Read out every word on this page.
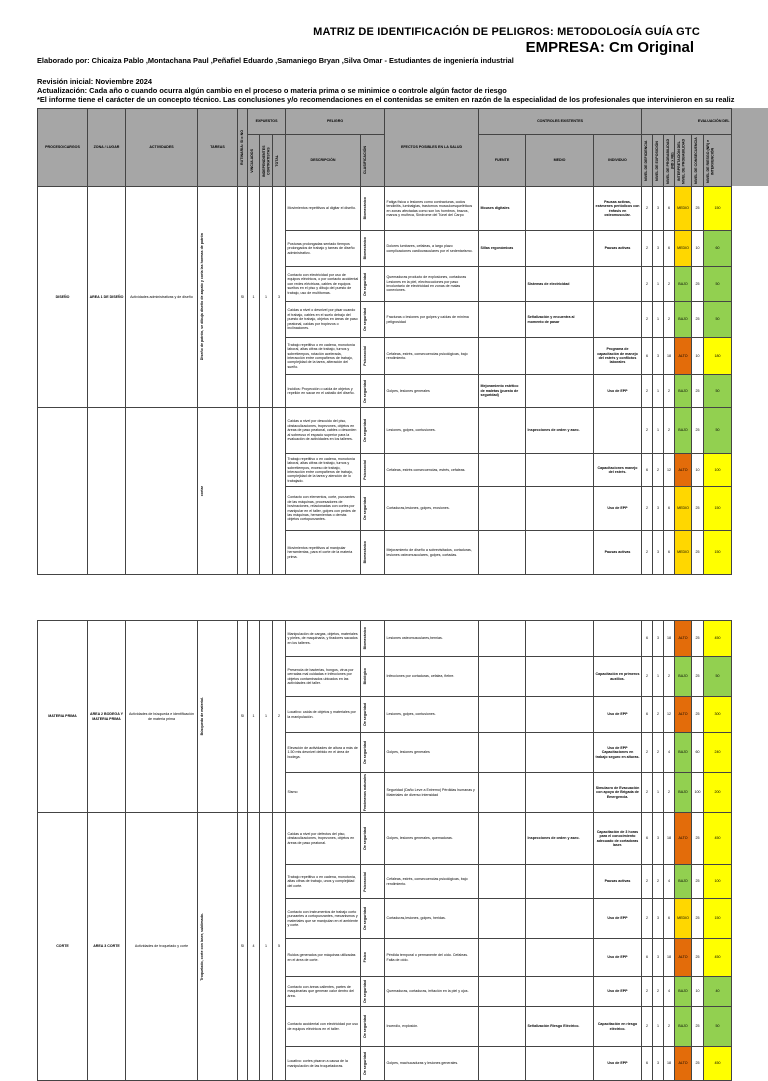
MATRIZ DE IDENTIFICACIÓN DE PELIGROS: METODOLOGÍA GUÍA GTC
EMPRESA: Cm Original
Elaborado por: Chicaiza Pablo ,Montachana Paul ,Peñafiel Eduardo ,Samaniego Bryan ,Silva Omar - Estudiantes de ingeniería industrial
Revisión inicial: Noviembre 2024
Actualización: Cada año o cuando ocurra algún cambio en el proceso o materia prima o se minimice o controle algún factor de riesgo
*El informe tiene el carácter de un concepto técnico. Las conclusiones y/o recomendaciones en el contenidas se emiten en razón de la especialidad de los profesionales que intervinieron en su realiz
PROCESO/CARGOS	ZONA / LUGAR	ACTIVIDADES	TAREAS	RUTINARIA: SI o NO	EXPUESTOS			PELIGRO		EFECTOS POSIBLES EN LA SALUD	CONTROLES EXISTENTES			EVALUACIÓN DEL					

					VINCULADOS	INDEPENDIENTES CONTRATISTAS	TOTAL	DESCRIPCIÓN	CLASIFICACIÓN		FUENTE	MEDIO	INDIVIDUO	NIVEL DE DEFICIENCIA	NIVEL DE EXPOSICIÓN	NIVEL DE PROBABILIDAD (ND x NE)	INTERPRETACIÓN DEL NIVEL DE PROBABILIDAD	NIVEL DE CONSECUENCIA	NIVEL DE RIESGO (NR) e INTERVENCIÓN
DISEÑO	AREA 1 DE DISEÑO	Actividades administrativas y de diseño	Diseño de patrón, se dibuja diseño de zapato y corta las hormas de patrón	SI	1	1	3	Movimientos repetitivos al digitar el diseño.	Biomecánico	Fatiga física o lesiones como contracturas, codos tendinitis, lumbalgias, trastornos musculoesqueléticos en zonas afectadas como son los hombros, brazos, manos y muñeca, Síndrome del Túnel del Carpo	Mouses digitales		Pausas activas, exámenes periódicos con énfasis en osteomuscular.	2	3	6	MEDIO	25	150
								Posturas prolongadas sentado tiempos prolongados de trabajo y tareas de diseño administrativo.	Biomecánico	Dolores lumbares, cefaleas, a largo plazo complicaciones cardiovasculares por el sedentarismo.	Sillas ergonómicas		Pausas activas	2	3	6	MEDIO	10	60
								Contacto con electricidad por uso de equipos eléctricos, o por contacto accidental con redes eléctricas, cables de equipos sueltos en el piso y dibujo del puesto de trabajo, uso de multitomas.	De seguridad	Quemaduras producto de explosiones, cortaduras Lesiones en la piel, electrocuciones por paso involuntario de electricidad en zonas de malas conexiones.		Sistemas de electricidad		2	1	2	BAJO	25	50
								Caídas a nivel o desnivel por pisar cuando el trabajo, cables en el suelo debajo del puesto de trabajo, objetos en áreas de paso peatonal, caídas por tropiezos o inclinaciones.	De seguridad	Fracturas o lesiones por golpes y caídas de mínima peligrosidad		Señalización y encuentra al momento de pasar		2	1	2	BAJO	25	50
								Trabajo repetitivo o en cadena, monotonía laboral, altas cifras de trabajo, turnos y sobretiempos, rotación acelerada, interacción entre compañeros de trabajo, complejidad de la tarea, alteración del sueño.	Psicosocial	Cefaleas, estrés, consecuencias psicológicas, bajo rendimiento.			Programa de capacitación de manejo del estrés y conflictos laborales	6	3	18	ALTO	10	180
								Incidios: Proyección o caída de objetos y repellón en sacar en el caballo del diseño.	De seguridad	Golpes, lesiones generales	Mejoramiento estético de maletas (puesto de seguridad)		Uso de EPP	2	1	2	BAJO	25	50

			cortar					Caídas a nivel por descuido del piso, obstaculizaciones, tropezones, objetos en áreas de paso peatonal, cables o desorden al sobreuso el espacio superior para la evaluación de actividades en los talleres.	De seguridad	Lesiones, golpes, contusiones.		Inspecciones de orden y aseo.		2	1	2	BAJO	25	50
								Trabajo repetitivo o en cadena, monotonía laboral, altas cifras de trabajo, turnos y sobretiempos, exceso de trabajo, interacción entre compañeros de trabajo, complejidad de la tarea y atención de lo trabajado.	Psicosocial	Cefaleas, estrés consecuencias, estrés, cefaleas.			Capacitaciones manejo del estrés.	6	2	12	ALTO	10	100
								Contacto con elementos, corte, punzantes de las máquinas, procesadores de bovinaciones, relacionadas con cortes por manipular en el taller, golpes con pedes de las máquinas, herramientas o demás objetos cortopunzantes.	De seguridad	Cortaduras,lesiones, golpes, erosiones.			Uso de EPP	2	3	6	MEDIO	25	150
								Movimientos repetitivos al manipular herramientas, para el corte de la materia prima.	Biomecánico	Mejoramiento de diseño a sobrevisitados, cortaduras, lesiones osteomusculares, golpes, cortadas.			Pausas activas	2	3	6	MEDIO	25	150
MATERIA PRIMA	AREA 2 BODEGA Y MATERIA PRIMA	Actividades de búsqueda e identificación de materia prima	Búsqueda de material.	SI	1	1	2	Manipulación de cargas, objetos, materiales y pieles, de maquinaria, y tiradores sacados en los talleres.	Biomecánico	Lesiones osteomusculares,hernias.				6	3	18	ALTO	25	450
								Presencia de bacterias, hongos, virus por cerradas mal cuidadas e infecciones por objetos contaminados ubicados en las actividades del taller.	Biológico	Infecciones por cortaduras, cefalea, fiebre.			Capacitación en primeros auxilios.	2	1	2	BAJO	25	50
								Locativo: caída de objetos y materiales por la manipulación.	De seguridad	Lesiones, golpes, contusiones.			Uso de EPP	6	2	12	ALTO	25	300
								Elevación de actividades de altura a más de 1.50 mts desnivel debido en el área de bodega.	De seguridad	Golpes, lesiones generales			Uso de EPP Capacitaciones en trabajo seguro en alturas.	2	2	4	BAJO	60	240
								Sismo	Fenómenos naturales	Seguridad (Daño Leve a Extremo) Pérdidas humanas y Materiales de diverso intensidad			Simulacro de Evacuación con apoyo de Brigada de Emergencia.	2	1	2	BAJO	100	200
CORTE	AREA 3 CORTE	Actividades de troquelado y corte	Troquelado, corte con laser, sublimado.	SI	4	1	5	Caídas a nivel por defectos del piso, obstaculizaciones, tropezones, objetos en áreas de paso peatonal.	De seguridad	Golpes, lesiones generales, quemaduras.		Inspecciones de orden y aseo.	Capacitación de 3 horas para el conocimiento adecuado de cortadoras laser.	6	3	18	ALTO	25	450
								Trabajo repetitivo o en cadena, monotonía, altas cifras de trabajo, unos y complejidad del corte.	Psicosocial	Cefaleas, estrés, consecuencias psicológicas, bajo rendimiento.			Pausas activas	2	2	4	BAJO	25	100
								Contacto con instrumentos de trabajo corto punzantes a cortopunzantes, mecanismos y materiales que se manipulan en el ambiente y corte.	De seguridad	Cortaduras,lesiones, golpes, heridas.			Uso de EPP	2	3	6	MEDIO	25	150
								Ruidos generados por máquinas utilizadas en el área de corte.	Físico	Pérdida temporal o permanente del oído. Cefaleas. Falta de oído.			Uso de EPP	6	3	18	ALTO	25	450
								Contacto con áreas calientes, partes de maquinarias que generan calor dentro del área.	De seguridad	Quemaduras, cortaduras, irritación en la piel y ojos.			Uso de EPP	2	2	4	BAJO	10	40
								Contacto accidental con electricidad por uso de equipos eléctricos en el taller.	De seguridad	Incendio, explosión.		Señalización Riesgo Eléctrico.	Capacitación en riesgo eléctrico.	2	1	2	BAJO	25	50
								Locativo: cortes pisaron a causa de la manipulación de las troqueladoras.	De seguridad	Golpes, machucaduras y lesiones generales.			Uso de EPP	6	3	18	ALTO	25	450
